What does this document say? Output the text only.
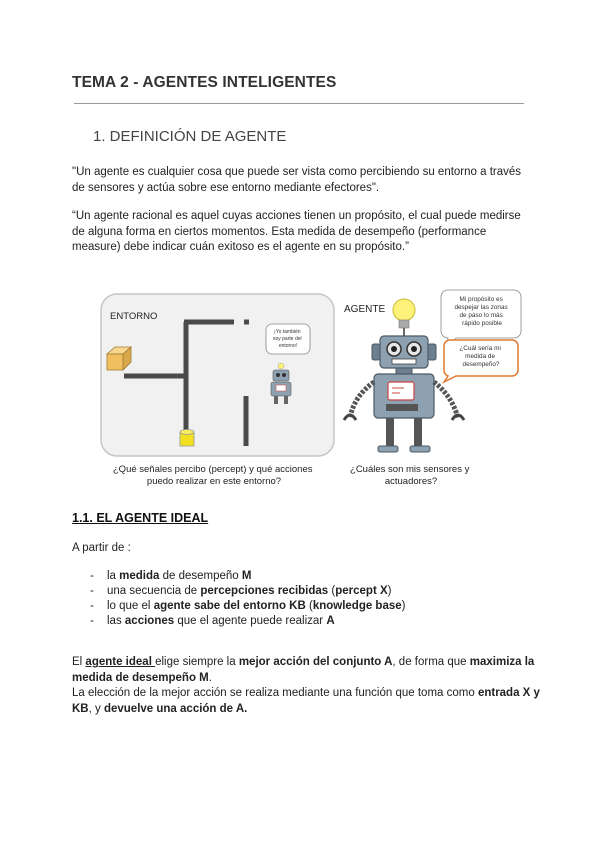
TEMA 2 - AGENTES INTELIGENTES
1. DEFINICIÓN DE AGENTE
"Un agente es cualquier cosa que puede ser vista como percibiendo su entorno a través de sensores y actúa sobre ese entorno mediante efectores".
“Un agente racional es aquel cuyas acciones tienen un propósito, el cual puede medirse de alguna forma en ciertos momentos. Esta medida de desempeño (performance measure) debe indicar cuán exitoso es el agente en su propósito.”
ENTORNO
¡Yo también soy parte del entorno!
AGENTE
Mi propósito es despejar las zonas de paso lo más rápido posible
¿Cuál sería mi medida de desempeño?
¿Qué señales percibo (percept) y qué acciones puedo realizar en este entorno?
¿Cuáles son mis sensores y actuadores?
1.1. EL AGENTE IDEAL
A partir de :
- la medida de desempeño M
- una secuencia de percepciones recibidas (percept X)
- lo que el agente sabe del entorno KB (knowledge base)
- las acciones que el agente puede realizar A
El agente ideal elige siempre la mejor acción del conjunto A, de forma que maximiza la medida de desempeño M.
La elección de la mejor acción se realiza mediante una función que toma como entrada X y KB, y devuelve una acción de A.
